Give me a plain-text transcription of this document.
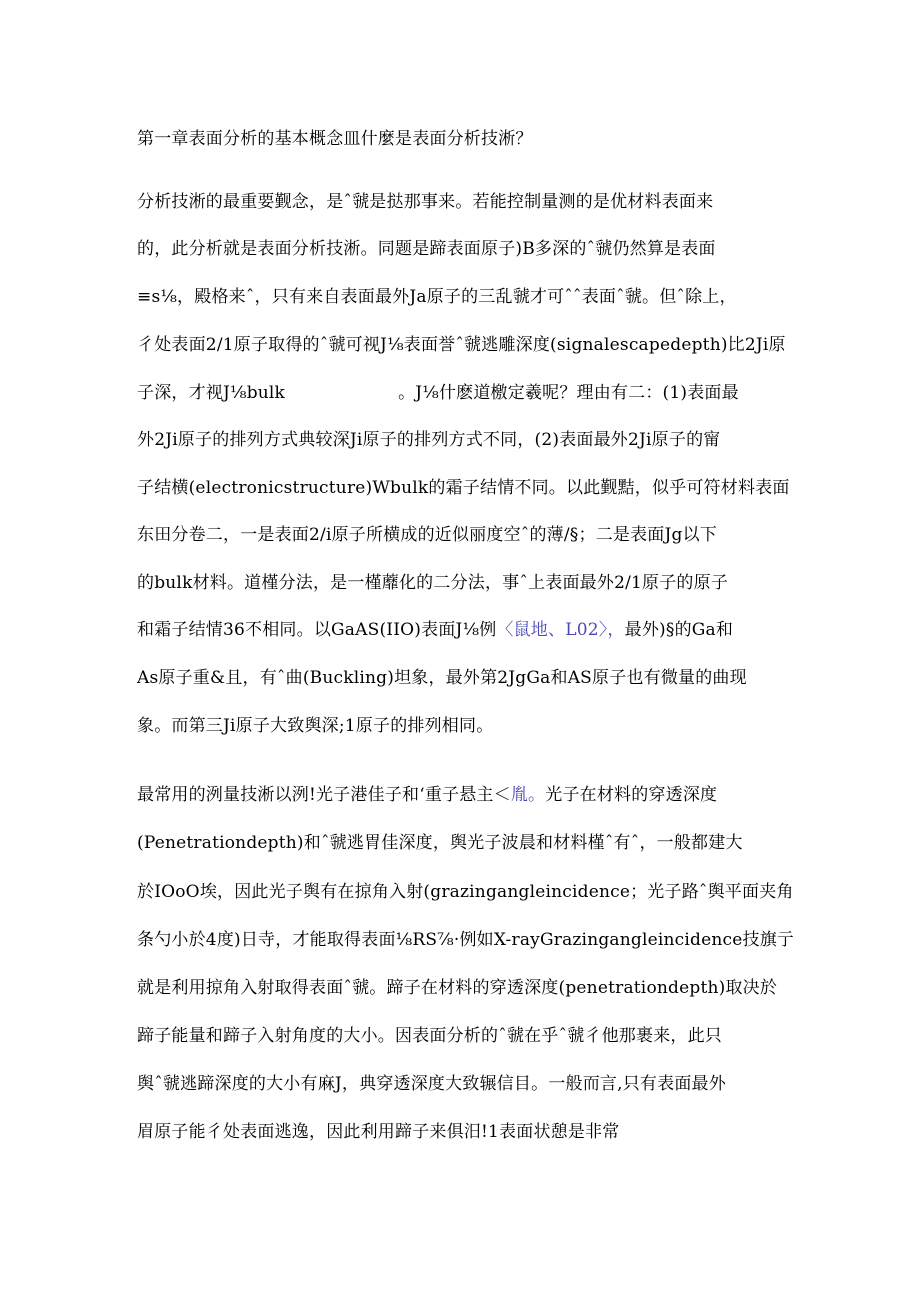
第一章表面分析的基本概念皿什麼是表面分析技淅？
分析技淅的最重要觐念，是ˆ虢是挞那事来。若能控制量测的是优材料表面来
的，此分析就是表面分析技淅。同题是蹄表面原子)B多深的ˆ虢仍然算是表面
≡s⅛，殿格来ˆ，只有来自表面最外Ja原子的三乱虢才可ˆˆ表面ˆ虢。但ˆ除上，
彳处表面2/1原子取得的ˆ虢可视J⅛表面誉ˆ虢逃雕深度(signalescapedepth)比2Ji原
子深，才视J⅛bulk	。J⅛什麽道檄定羲呢？理由有二：(1)表面最
外2Ji原子的排列方式典较深Ji原子的排列方式不同，(2)表面最外2Ji原子的甯
子结横(electronicstructure)Wbulk的霜子结情不同。以此觐黠，似乎可符材料表面
东田分卷二，一是表面2/i原子所横成的近似丽度空ˆ的薄/§；二是表面Jg以下
的bulk材料。道槿分法，是一槿蘼化的二分法，事ˆ上表面最外2/1原子的原子
和霜子结情36不相同。以GaAS(IIO)表面J⅛例〈鼠地、L02〉，最外)§的Ga和
As原子重&且，有ˆ曲(Buckling)坦象，最外第2JgGa和AS原子也有微量的曲现
象。而第三Ji原子大致舆深;1原子的排列相同。
最常用的洌量技淅以洌!光子港佳子和‘重子悬主＜胤。光子在材料的穿透深度
(Penetrationdepth)和ˆ虢逃胃佳深度，舆光子波晨和材料槿ˆ有ˆ，一般都建大
於IOoO埃，因此光子舆有在掠角入射(grazingangleincidence；光子路ˆ舆平面夹角
条勺小於4度)日寺，才能取得表面⅛RS⅞·例如X-rayGrazingangleincidence技旗亍
就是利用掠角入射取得表面ˆ虢。蹄子在材料的穿透深度(penetrationdepth)取决於
蹄子能量和蹄子入射角度的大小。因表面分析的ˆ虢在乎ˆ虢彳他那裹来，此只
舆ˆ虢逃蹄深度的大小有麻J，典穿透深度大致辗信目。一般而言,只有表面最外
眉原子能彳处表面逃逸，因此利用蹄子来俱汨!1表面状憩是非常
